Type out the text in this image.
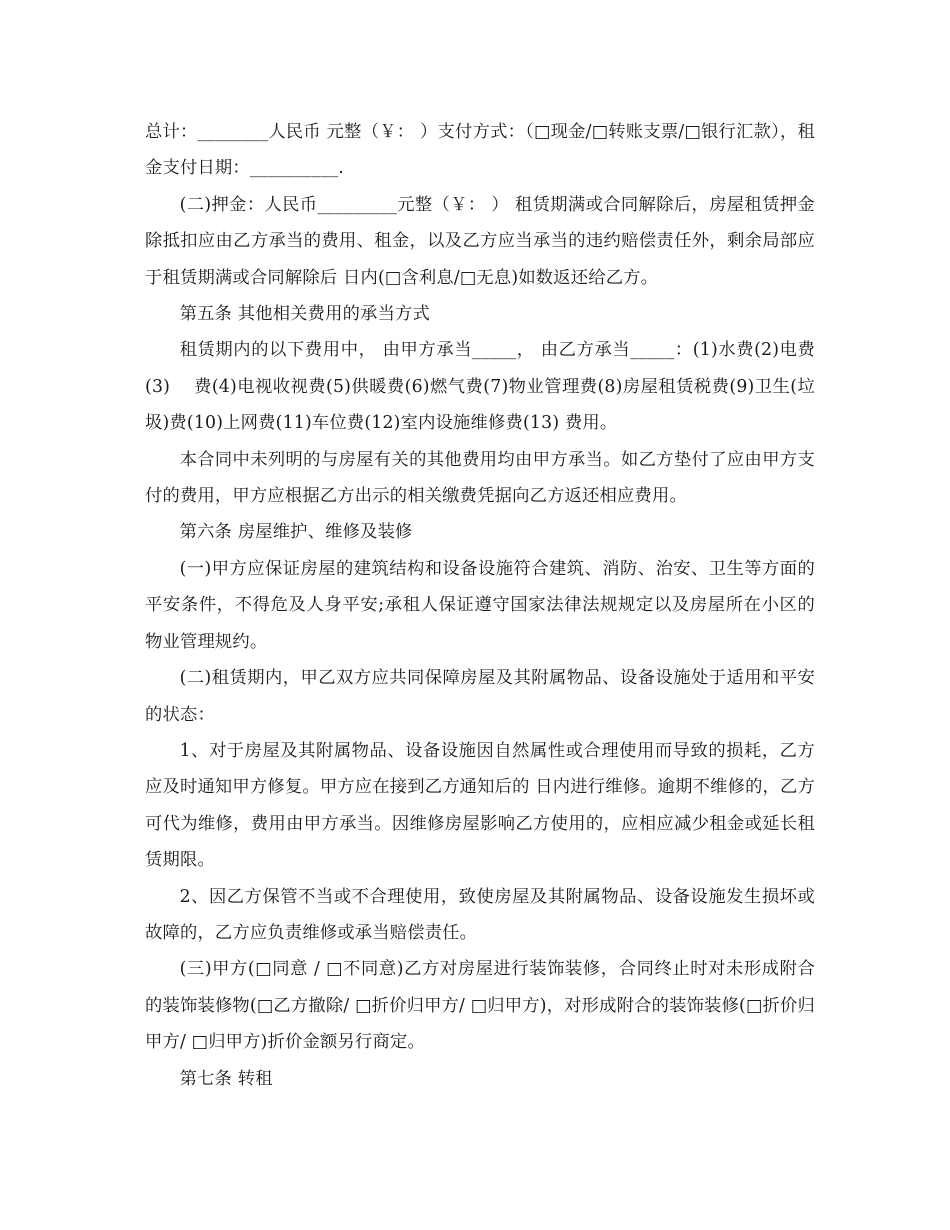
总计：________人民币 元整（￥： ）支付方式：（□现金/□转账支票/□银行汇款），租金支付日期：__________.

(二)押金：人民币_________元整（￥： ） 租赁期满或合同解除后，房屋租赁押金除抵扣应由乙方承当的费用、租金，以及乙方应当承当的违约赔偿责任外，剩余局部应于租赁期满或合同解除后 日内(□含利息/□无息)如数返还给乙方。

第五条 其他相关费用的承当方式

租赁期内的以下费用中， 由甲方承当_____， 由乙方承当_____：(1)水费(2)电费(3)　 费(4)电视收视费(5)供暖费(6)燃气费(7)物业管理费(8)房屋租赁税费(9)卫生(垃圾)费(10)上网费(11)车位费(12)室内设施维修费(13) 费用。

本合同中未列明的与房屋有关的其他费用均由甲方承当。如乙方垫付了应由甲方支付的费用，甲方应根据乙方出示的相关缴费凭据向乙方返还相应费用。

第六条 房屋维护、维修及装修

(一)甲方应保证房屋的建筑结构和设备设施符合建筑、消防、治安、卫生等方面的平安条件，不得危及人身平安;承租人保证遵守国家法律法规规定以及房屋所在小区的物业管理规约。

(二)租赁期内，甲乙双方应共同保障房屋及其附属物品、设备设施处于适用和平安的状态：

1、对于房屋及其附属物品、设备设施因自然属性或合理使用而导致的损耗，乙方应及时通知甲方修复。甲方应在接到乙方通知后的 日内进行维修。逾期不维修的，乙方可代为维修，费用由甲方承当。因维修房屋影响乙方使用的，应相应减少租金或延长租赁期限。

2、因乙方保管不当或不合理使用，致使房屋及其附属物品、设备设施发生损坏或故障的，乙方应负责维修或承当赔偿责任。

(三)甲方(□同意 / □不同意)乙方对房屋进行装饰装修，合同终止时对未形成附合的装饰装修物(□乙方撤除/ □折价归甲方/ □归甲方)，对形成附合的装饰装修(□折价归甲方/ □归甲方)折价金额另行商定。

第七条 转租
